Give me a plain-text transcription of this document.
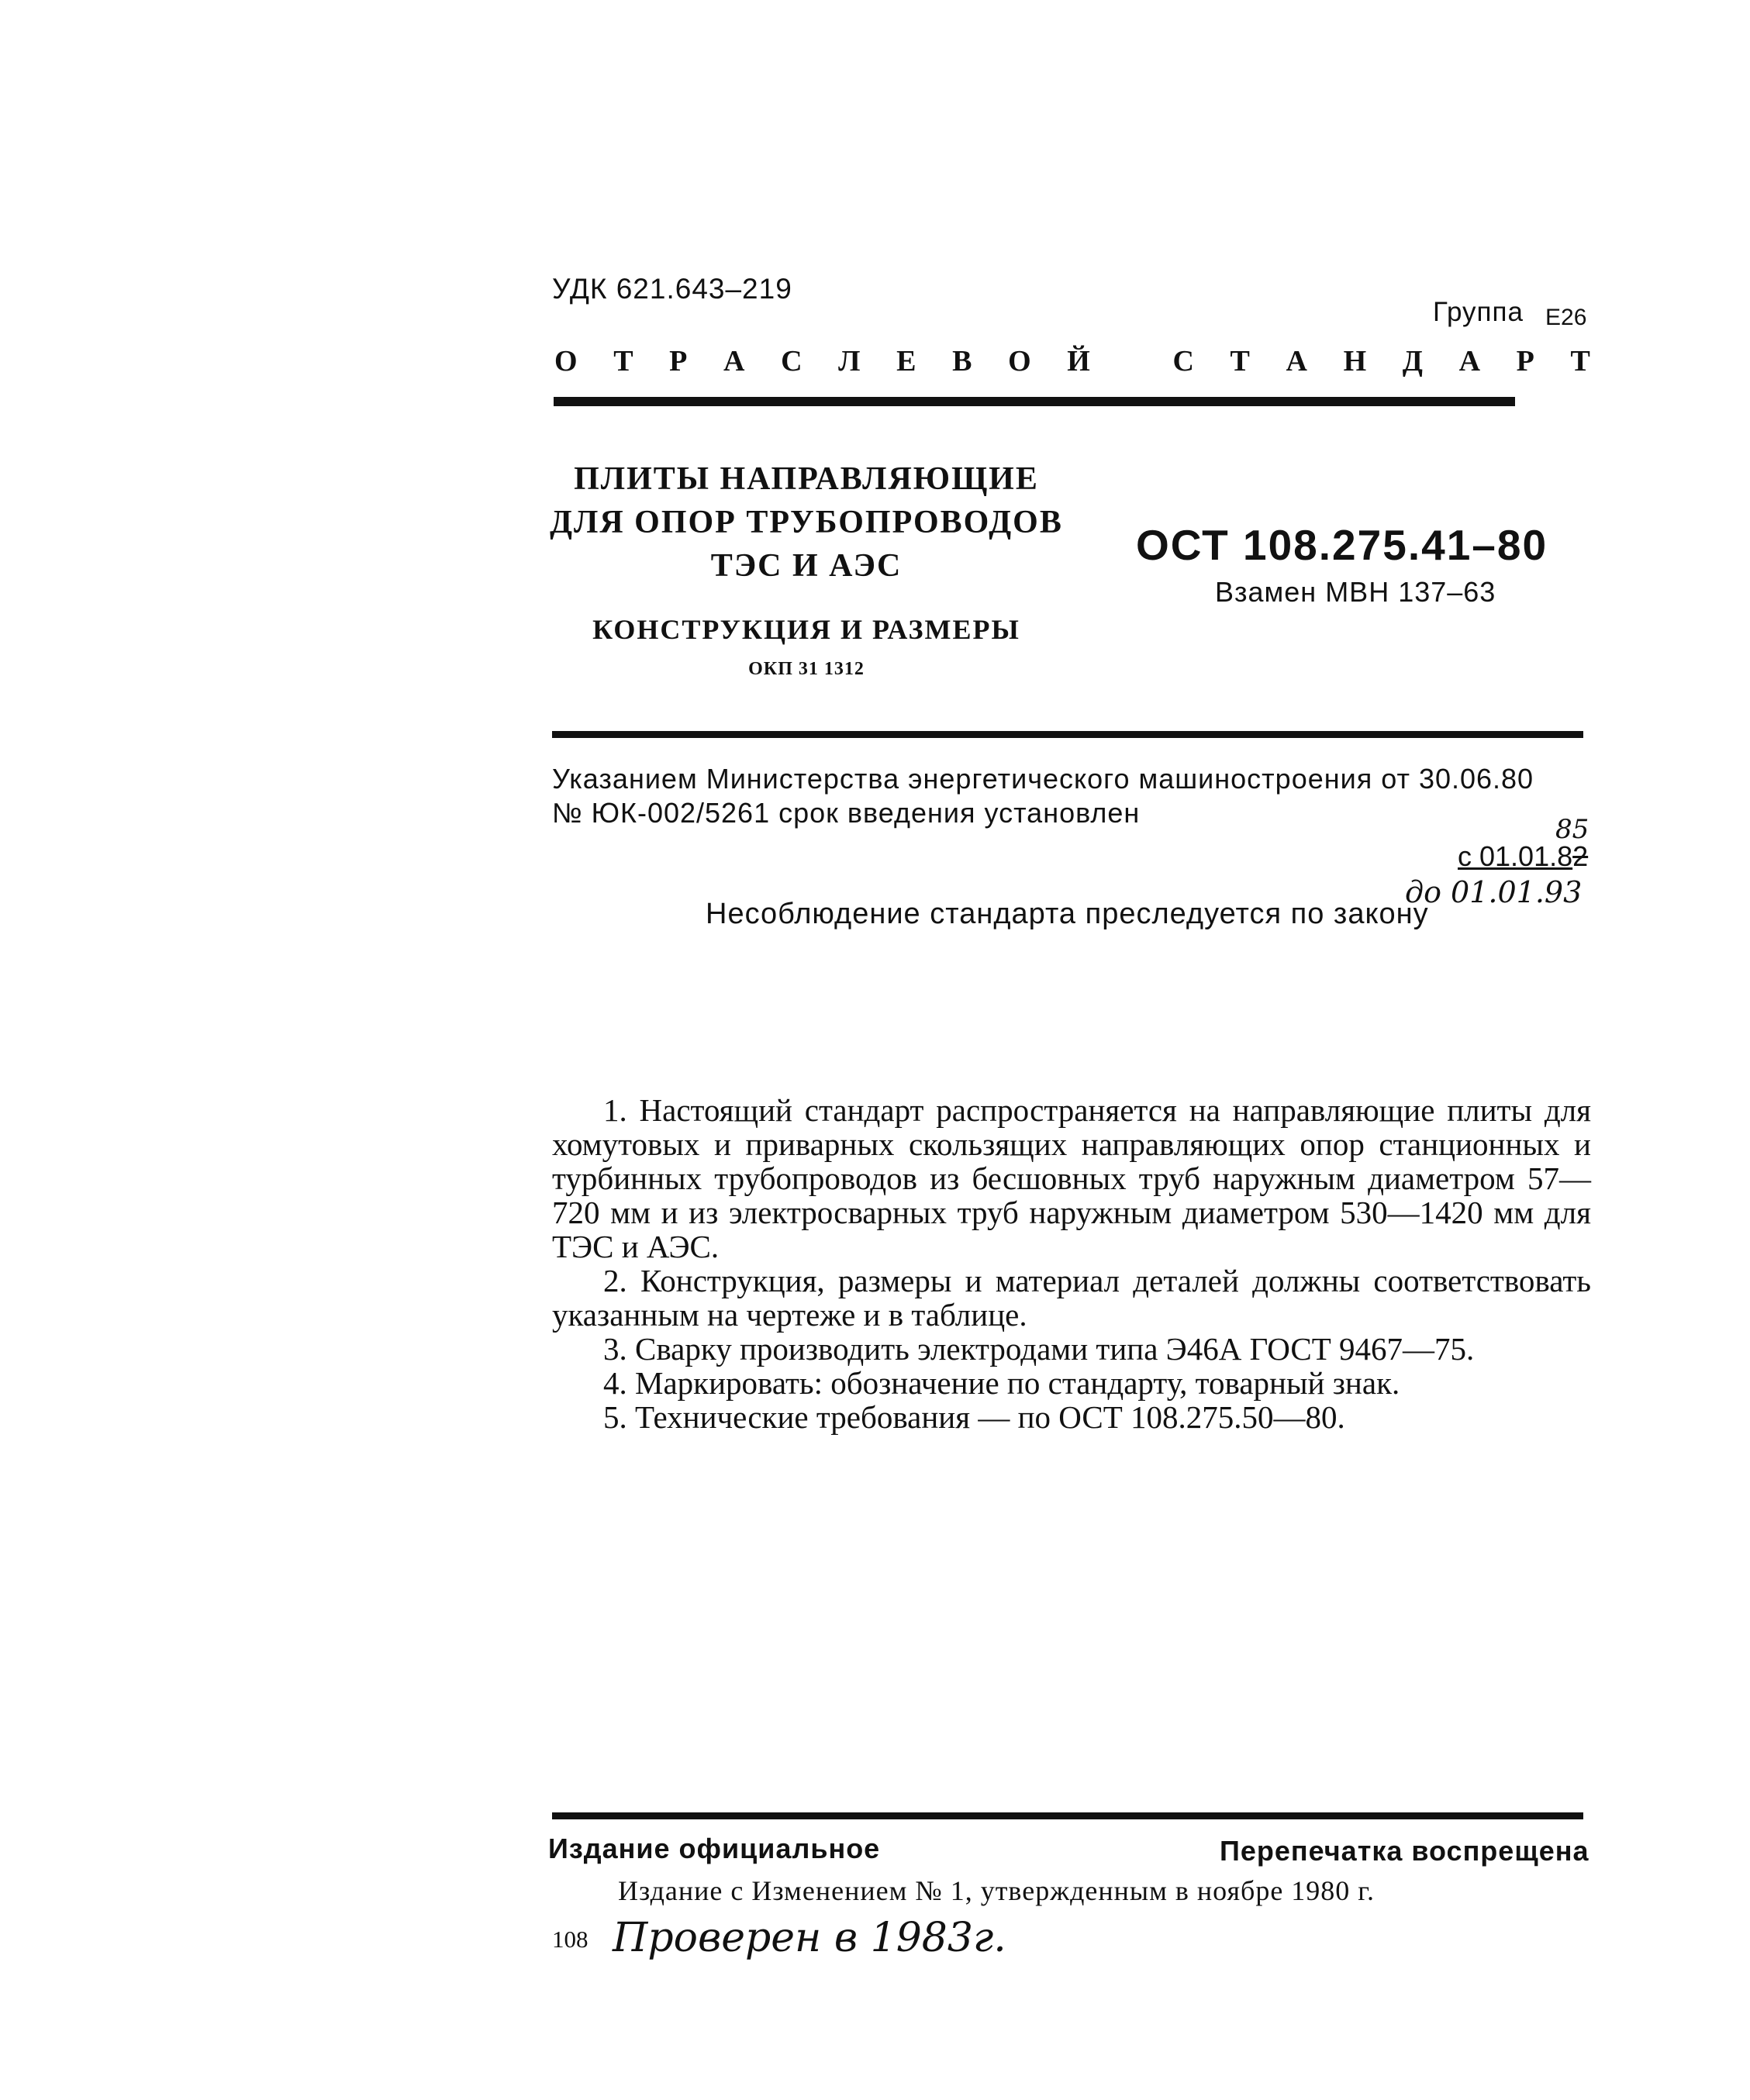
УДК 621.643–219
Группа Е26
О Т Р А С Л Е В О Й	С Т А Н Д А Р Т
ПЛИТЫ НАПРАВЛЯЮЩИЕ
ДЛЯ ОПОР ТРУБОПРОВОДОВ
ТЭС И АЭС
КОНСТРУКЦИЯ И РАЗМЕРЫ
ОКП 31 1312
ОСТ 108.275.41–80
Взамен МВН 137–63
Указанием Министерства энергетического машиностроения от 30.06.80
№ ЮК-002/5261 срок введения установлен
85
с 01.01.82
до 01.01.93
Несоблюдение стандарта преследуется по закону

1. Настоящий стандарт распространяется на направляющие плиты для хомутовых и приварных скользящих направляющих опор станционных и турбинных трубопроводов из бесшовных труб наружным диаметром 57—720 мм и из электросварных труб наружным диаметром 530—1420 мм для ТЭС и АЭС.

2. Конструкция, размеры и материал деталей должны соответствовать указанным на чертеже и в таблице.

3. Сварку производить электродами типа Э46А ГОСТ 9467—75.

4. Маркировать: обозначение по стандарту, товарный знак.

5. Технические требования — по ОСТ 108.275.50—80.

Издание официальное	Перепечатка воспрещена
Издание с Изменением № 1, утвержденным в ноябре 1980 г.
108 Проверен в 1983г.
